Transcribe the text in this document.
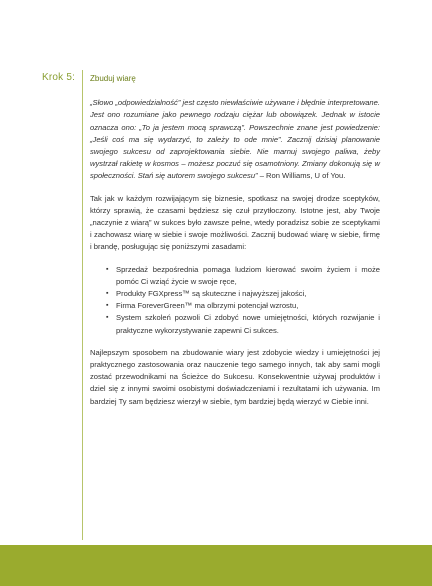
Krok 5: Zbuduj wiarę

„Słowo „odpowiedzialność” jest często niewłaściwie używane i błędnie interpretowane. Jest ono rozumiane jako pewnego rodzaju ciężar lub obowiązek. Jednak w istocie oznacza ono: „To ja jestem mocą sprawczą”. Powszechnie znane jest powiedzenie: „Jeśli coś ma się wydarzyć, to zależy to ode mnie”. Zacznij dzisiaj planowanie swojego sukcesu od zaprojektowania siebie. Nie marnuj swojego paliwa, żeby wystrzał rakietę w kosmos – możesz poczuć się osamotniony. Zmiany dokonują się w społeczności. Stań się autorem swojego sukcesu” – Ron Williams, U of You.

Tak jak w każdym rozwijającym się biznesie, spotkasz na swojej drodze sceptyków, którzy sprawią, że czasami będziesz się czuł przytłoczony. Istotne jest, aby Twoje „naczynie z wiarą” w sukces było zawsze pełne, wtedy poradzisz sobie ze sceptykami i zachowasz wiarę w siebie i swoje możliwości. Zacznij budować wiarę w siebie, firmę i brandę, posługując się poniższymi zasadami:

▪ Sprzedaż bezpośrednia pomaga ludziom kierować swoim życiem i może pomóc Ci wziąć życie w swoje ręce,
▪ Produkty FGXpress™ są skuteczne i najwyższej jakości,
▪ Firma ForeverGreen™ ma olbrzymi potencjał wzrostu,
▪ System szkoleń pozwoli Ci zdobyć nowe umiejętności, których rozwijanie i praktyczne wykorzystywanie zapewni Ci sukces.

Najlepszym sposobem na zbudowanie wiary jest zdobycie wiedzy i umiejętności jej praktycznego zastosowania oraz nauczenie tego samego innych, tak aby sami mogli zostać przewodnikami na Ścieżce do Sukcesu. Konsekwentnie używaj produktów i dziel się z innymi swoimi osobistymi doświadczeniami i rezultatami ich używania. Im bardziej Ty sam będziesz wierzył w siebie, tym bardziej będą wierzyć w Ciebie inni.
